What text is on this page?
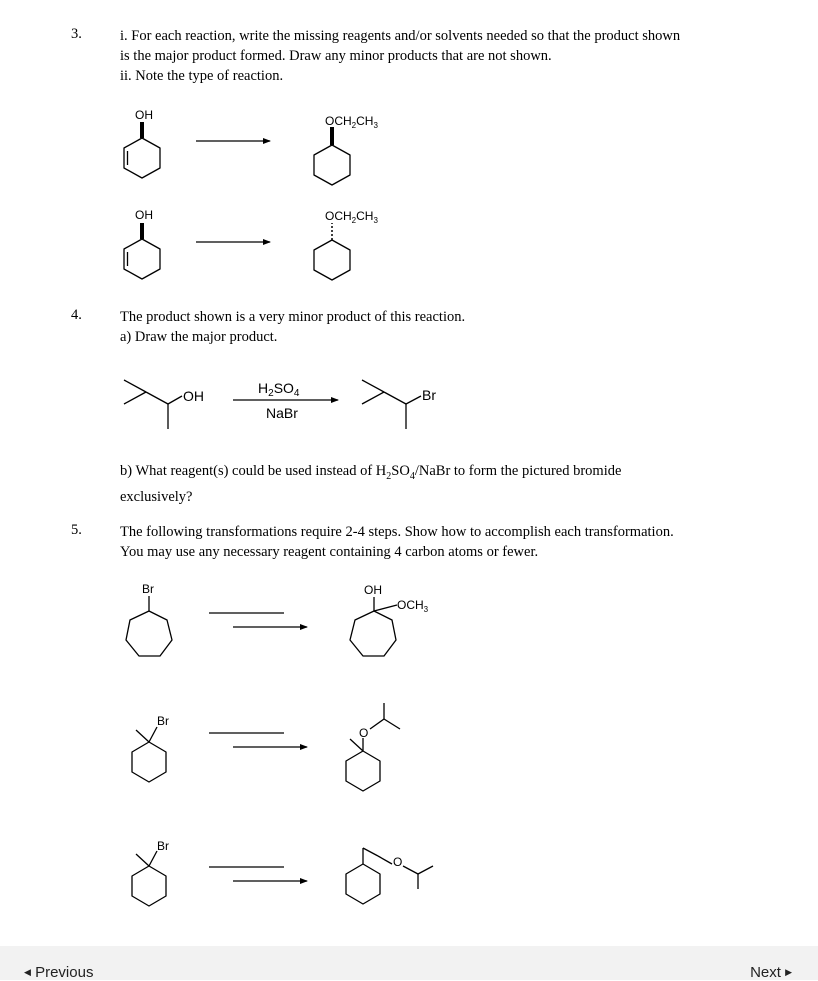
3.	i. For each reaction, write the missing reagents and/or solvents needed so that the product shown
is the major product formed. Draw any minor products that are not shown.
ii. Note the type of reaction.
4.	The product shown is a very minor product of this reaction.
a) Draw the major product.
b) What reagent(s) could be used instead of $H_2SO_4$/NaBr to form the pictured bromide
exclusively?
5.	The following transformations require 2-4 steps. Show how to accomplish each transformation.
You may use any necessary reagent containing 4 carbon atoms or fewer.
OH	$OCH_2CH_3$
OH	$OCH_2CH_3$
OH	$H_2SO_4$
NaBr
Br
Br	OH
$OCH_3$
Br
O
Br
O
◀ Previous	Next ▶
